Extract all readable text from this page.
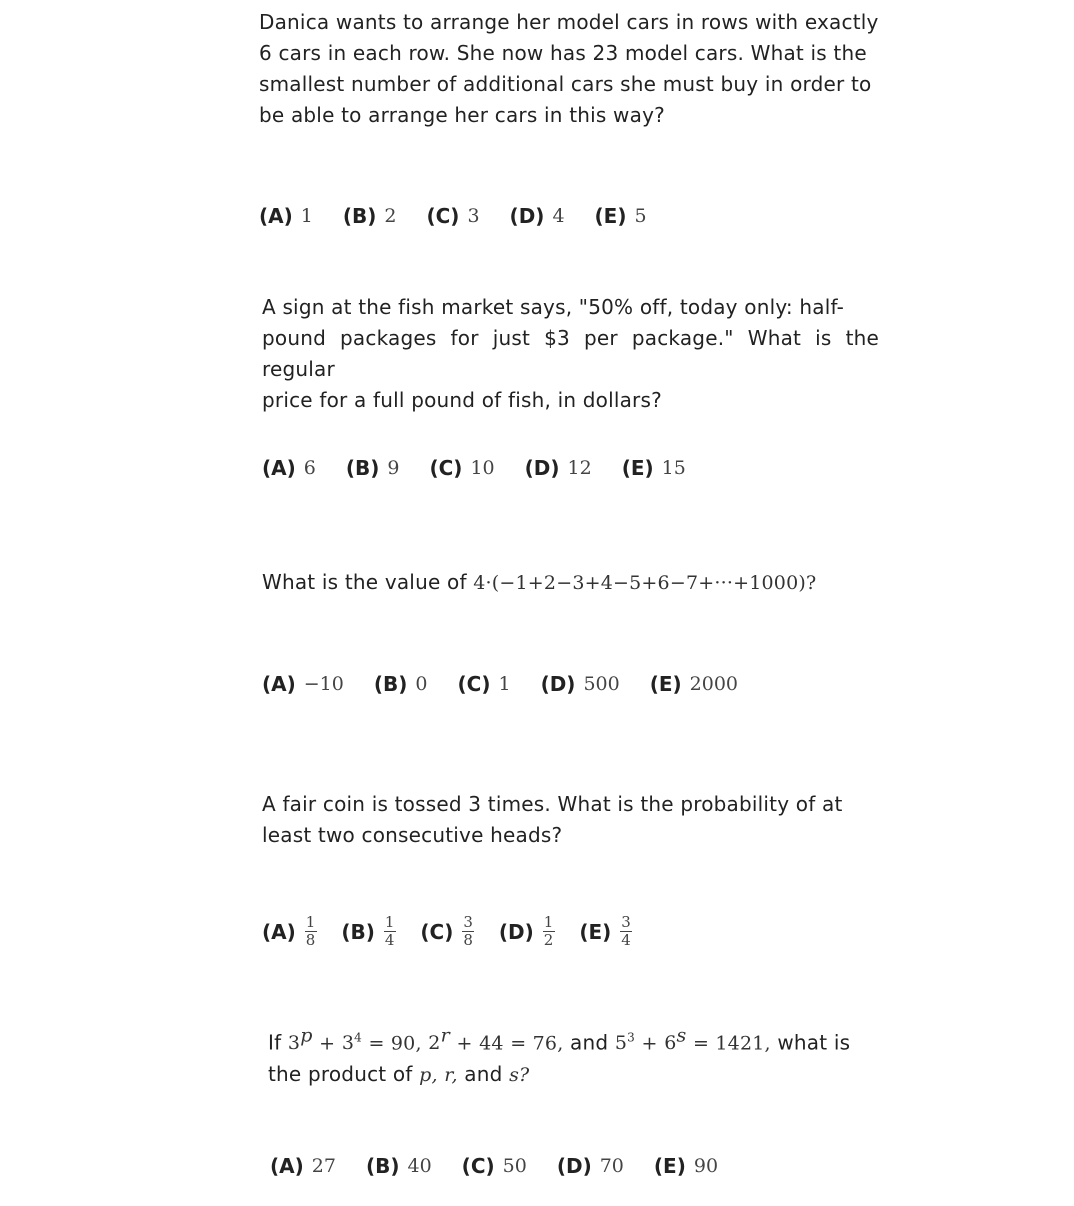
Danica wants to arrange her model cars in rows with exactly

6 cars in each row. She now has 23 model cars. What is the

smallest number of additional cars she must buy in order to

be able to arrange her cars in this way?

(A) 1 (B) 2 (C) 3 (D) 4 (E) 5

A sign at the fish market says, "50% off, today only: half-

pound packages for just $3 per package." What is the regular

price for a full pound of fish, in dollars?

(A) 6 (B) 9 (C) 10 (D) 12 (E) 15

What is the value of 4·(−1+2−3+4−5+6−7+···+1000)?

(A) −10 (B) 0 (C) 1 (D) 500 (E) 2000

A fair coin is tossed 3 times. What is the probability of at

least two consecutive heads?

$(A) \frac{1}{8} (B) \frac{1}{4} (C) \frac{3}{8} (D) \frac{1}{2} (E) \frac{3}{4}$

If $3^p + 3^4 = 90$, $2^r + 44 = 76$, and $5^3 + 6^s = 1421$, what is

the product of p, r, and s?

(A) 27 (B) 40 (C) 50 (D) 70 (E) 90
